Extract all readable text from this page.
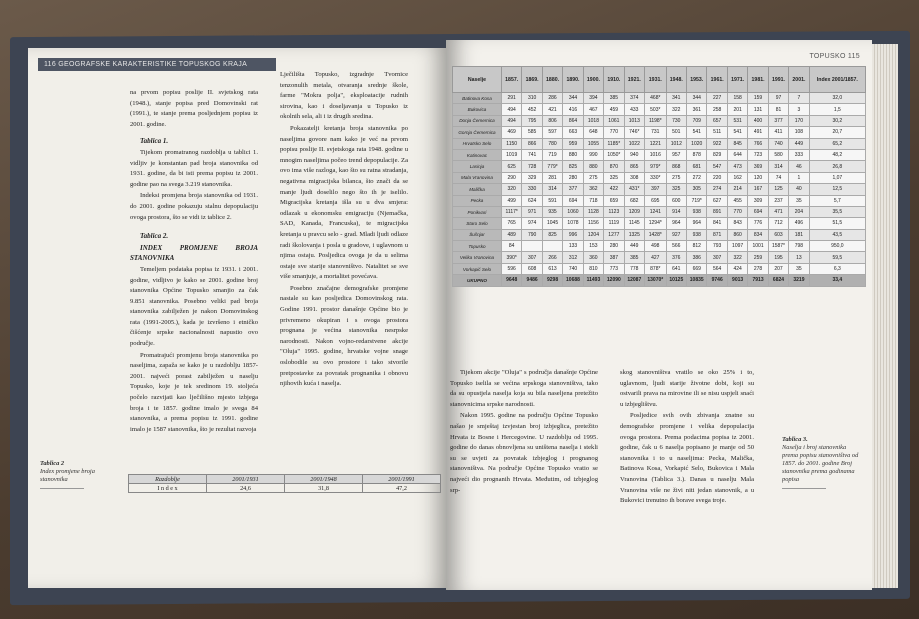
116 GEOGRAFSKE KARAKTERISTIKE TOPUSKOG KRAJA

na prvom popisu poslije II. svjetskog rata (1948.), stanje popisa pred Domovinski rat (1991.), te stanje prema posljednjem popisu iz 2001. godine.

Tablica 1.

Tijekom promatranog razdoblja u tablici 1. vidljiv je konstantan pad broja stanovnika od 1931. godine, da bi isti prema popisu iz 2001. godine pao na svega 3.219 stanovnika.

Indeksi promjena broja stanovnika od 1931. do 2001. godine pokazuju stalnu depopulaciju ovoga prostora, što se vidi iz tablice 2.

Tablica 2.

INDEX PROMJENE BROJA STANOVNIKA

Temeljem podataka popisa iz 1931. i 2001. godine, vidljivo je kako se 2001. godine broj stanovnika Općine Topusko smanjio za čak 9.851 stanovnika. Posebno veliki pad broja stanovnika zabilježen je nakon Domovinskog rata (1991-2005.), kada je izvršeno i etničko čišćenje srpske nacionalnosti napustio ovo područje.

Promatrajući promjenu broja stanovnika po naseljima, zapaža se kako je u razdoblju 1857-2001. najveći porast zabilježen u naselju Topusko, koje je tek sredinom 19. stoljeća počelo razvijati kao lječilišno mjesto izbjega broja i te 1857. godine imalo je svega 84 stanovnika, a prema popisu iz 1991. godine imalo je 1587 stanovnika, što je rezultat razvoja

Lječilišta Topusko, izgradnje Tvornice tenzonulih metala, otvaranja srednje škole, farme "Mokra polja", eksploatacije rudnih sirovina, kao i doseljavanja u Topusko iz okolnih sela, ali i iz drugih sredina.

Pokazatelji kretanja broja stanovnika po naseljima govore nam kako je već na prvom popisu poslije II. svjetskoga rata 1948. godine u mnogim naseljima počeo trend depopulacije. Za ovo ima više razloga, kao što su ratna stradanja, negativna migracijska bilanca, što znači da se manje ljudi doselilo nego što ih je iselilo. Migracijska kretanja išla su u dva smjera: odlazak u ekonomsku emigraciju (Njemačka, SAD, Kanada, Francuska), te migracijska kretanja u pravcu selo - grad. Mladi ljudi odlaze radi školovanja i posla u gradove, i uglavnom u njima ostaju. Posljedica ovoga je da u selima ostaje sve starije stanovništvo. Natalitet se sve više smanjuje, a mortalitet povećava.

Posebno značajne demografske promjene nastale su kao posljedica Domovinskog rata. Godine 1991. prostor današnje Općine bio je privremeno okupiran i s ovoga prostora prognana je većina stanovnika nesrpske narodnosti. Nakon vojno-redarstvene akcije "Oluja" 1995. godine, hrvatske vojne snage oslobodile su ovo prostore i tako stvorile pretpostavke za povratak prognanika i obnovu njihovih kuća i naselja.

Tablica 2
Index promjene broja stanovnika	Razdoblje	2001/1931	2001/1948	2001/1991
I n d e x	24,6	31,8	47,2
TOPUSKO 115
Naselje	1857.	1869.	1880.	1890.	1900.	1910.	1921.	1931.	1948.	1953.	1961.	1971.	1981.	1991.	2001.	Index 2001/1857.
Batinova Kosa	291	310	286	344	394	385	374	468*	341	344	227	158	159	97	7	32,0
Bukovica	494	452	421	416	467	459	433	503*	322	361	258	201	131	81	3	1,5
Donja Čemernica	494	795	806	864	1018	1061	1013	1198*	730	709	657	531	400	377	170	30,2
Gornja Čemernica	469	585	597	663	648	770	746*	731	501	541	511	541	491	411	108	20,7
Hrvatsko Selo	1150	866	780	959	1055	1185*	1022	1221	1012	1020	922	845	766	740	449	65,2
Katinovac	1019	741	719	880	990	1050*	940	1016	957	878	829	644	723	580	333	48,2
Lasinja	625	728	779*	825	880	870	865	979*	868	681	547	473	369	314	46	26,8
Mala Vranovina	290	329	281	280	275	325	308	330*	275	272	220	162	120	74	1	1,07
Malička	320	330	314	377	362	422	431*	397	325	305	274	214	167	125	40	12,5
Pecka	499	624	591	694	718	659	682	695	600	719*	627	455	309	237	35	5,7
Ponikvari	1117*	971	935	1060	1128	1123	1209	1241	914	938	891	770	694	471	204	35,5
Staro Selo	765	974	1045	1078	1156	1119	1145	1294*	964	964	841	843	776	712	496	51,5
Šušnjar	489	790	825	996	1204	1277	1325	1428*	927	938	871	860	834	603	181	43,5
Topusko	84			133	153	280	449	498	566	812	793	1097	1001	1587*	798	950,0
Velika Vranovina	390*	307	266	312	360	387	385	427	376	386	307	322	259	195	13	59,5
Vorkapić Selo	596	608	613	740	810	773	778	878*	641	669	564	424	278	207	35	6,3
UKUPNO	9648	9486	9298	10688	11493	12090	12087	13070*	10125	10835	9746	9013	7913	6824	3219	33,4

Tijekom akcije "Oluja" s područja današnje Općine Topusko iselila se većina srpskoga stanovništva, tako da su opustjela naselja koja su bila naseljena pretežito stanovnicima srpske narodnosti.

Nakon 1995. godine na području Općine Topusko našao je smještaj izvjestan broj izbjeglica, pretežito Hrvata iz Bosne i Hercegovine. U razdoblju od 1995. godine do danas obnovljena su uništena naselja i stekli su se uvjeti za povratak izbjeglog i prognanog stanovništva. Na područje Općine Topusko vratio se najveći dio prognanih Hrvata. Međutim, od izbjeglog srp-

skog stanovništva vratilo se oko 25% i to, uglavnom, ljudi starije životne dobi, koji su ostvarili prava na mirovine ili se nisu uspjeli snaći u izbjeglištvu.

Posljedice svih ovih zbivanja znatne su demografske promjene i velika depopulacija ovoga prostora. Prema podacima popisa iz 2001. godine, čak u 6 naselja popisano je manje od 50 stanovnika i to u naseljima: Pecka, Malička, Batinova Kosa, Vorkapić Selo, Bukovica i Mala Vranovina (Tablica 3.). Danas u naselju Mala Vranovina više ne živi niti jedan stanovnik, a u Bukovici trenutno ih borave svega troje.

Tablica 3.
Naselja i broj stanovnika prema popisu stanovništva od 1857. do 2001. godine Broj stanovnika prema godinama popisa
